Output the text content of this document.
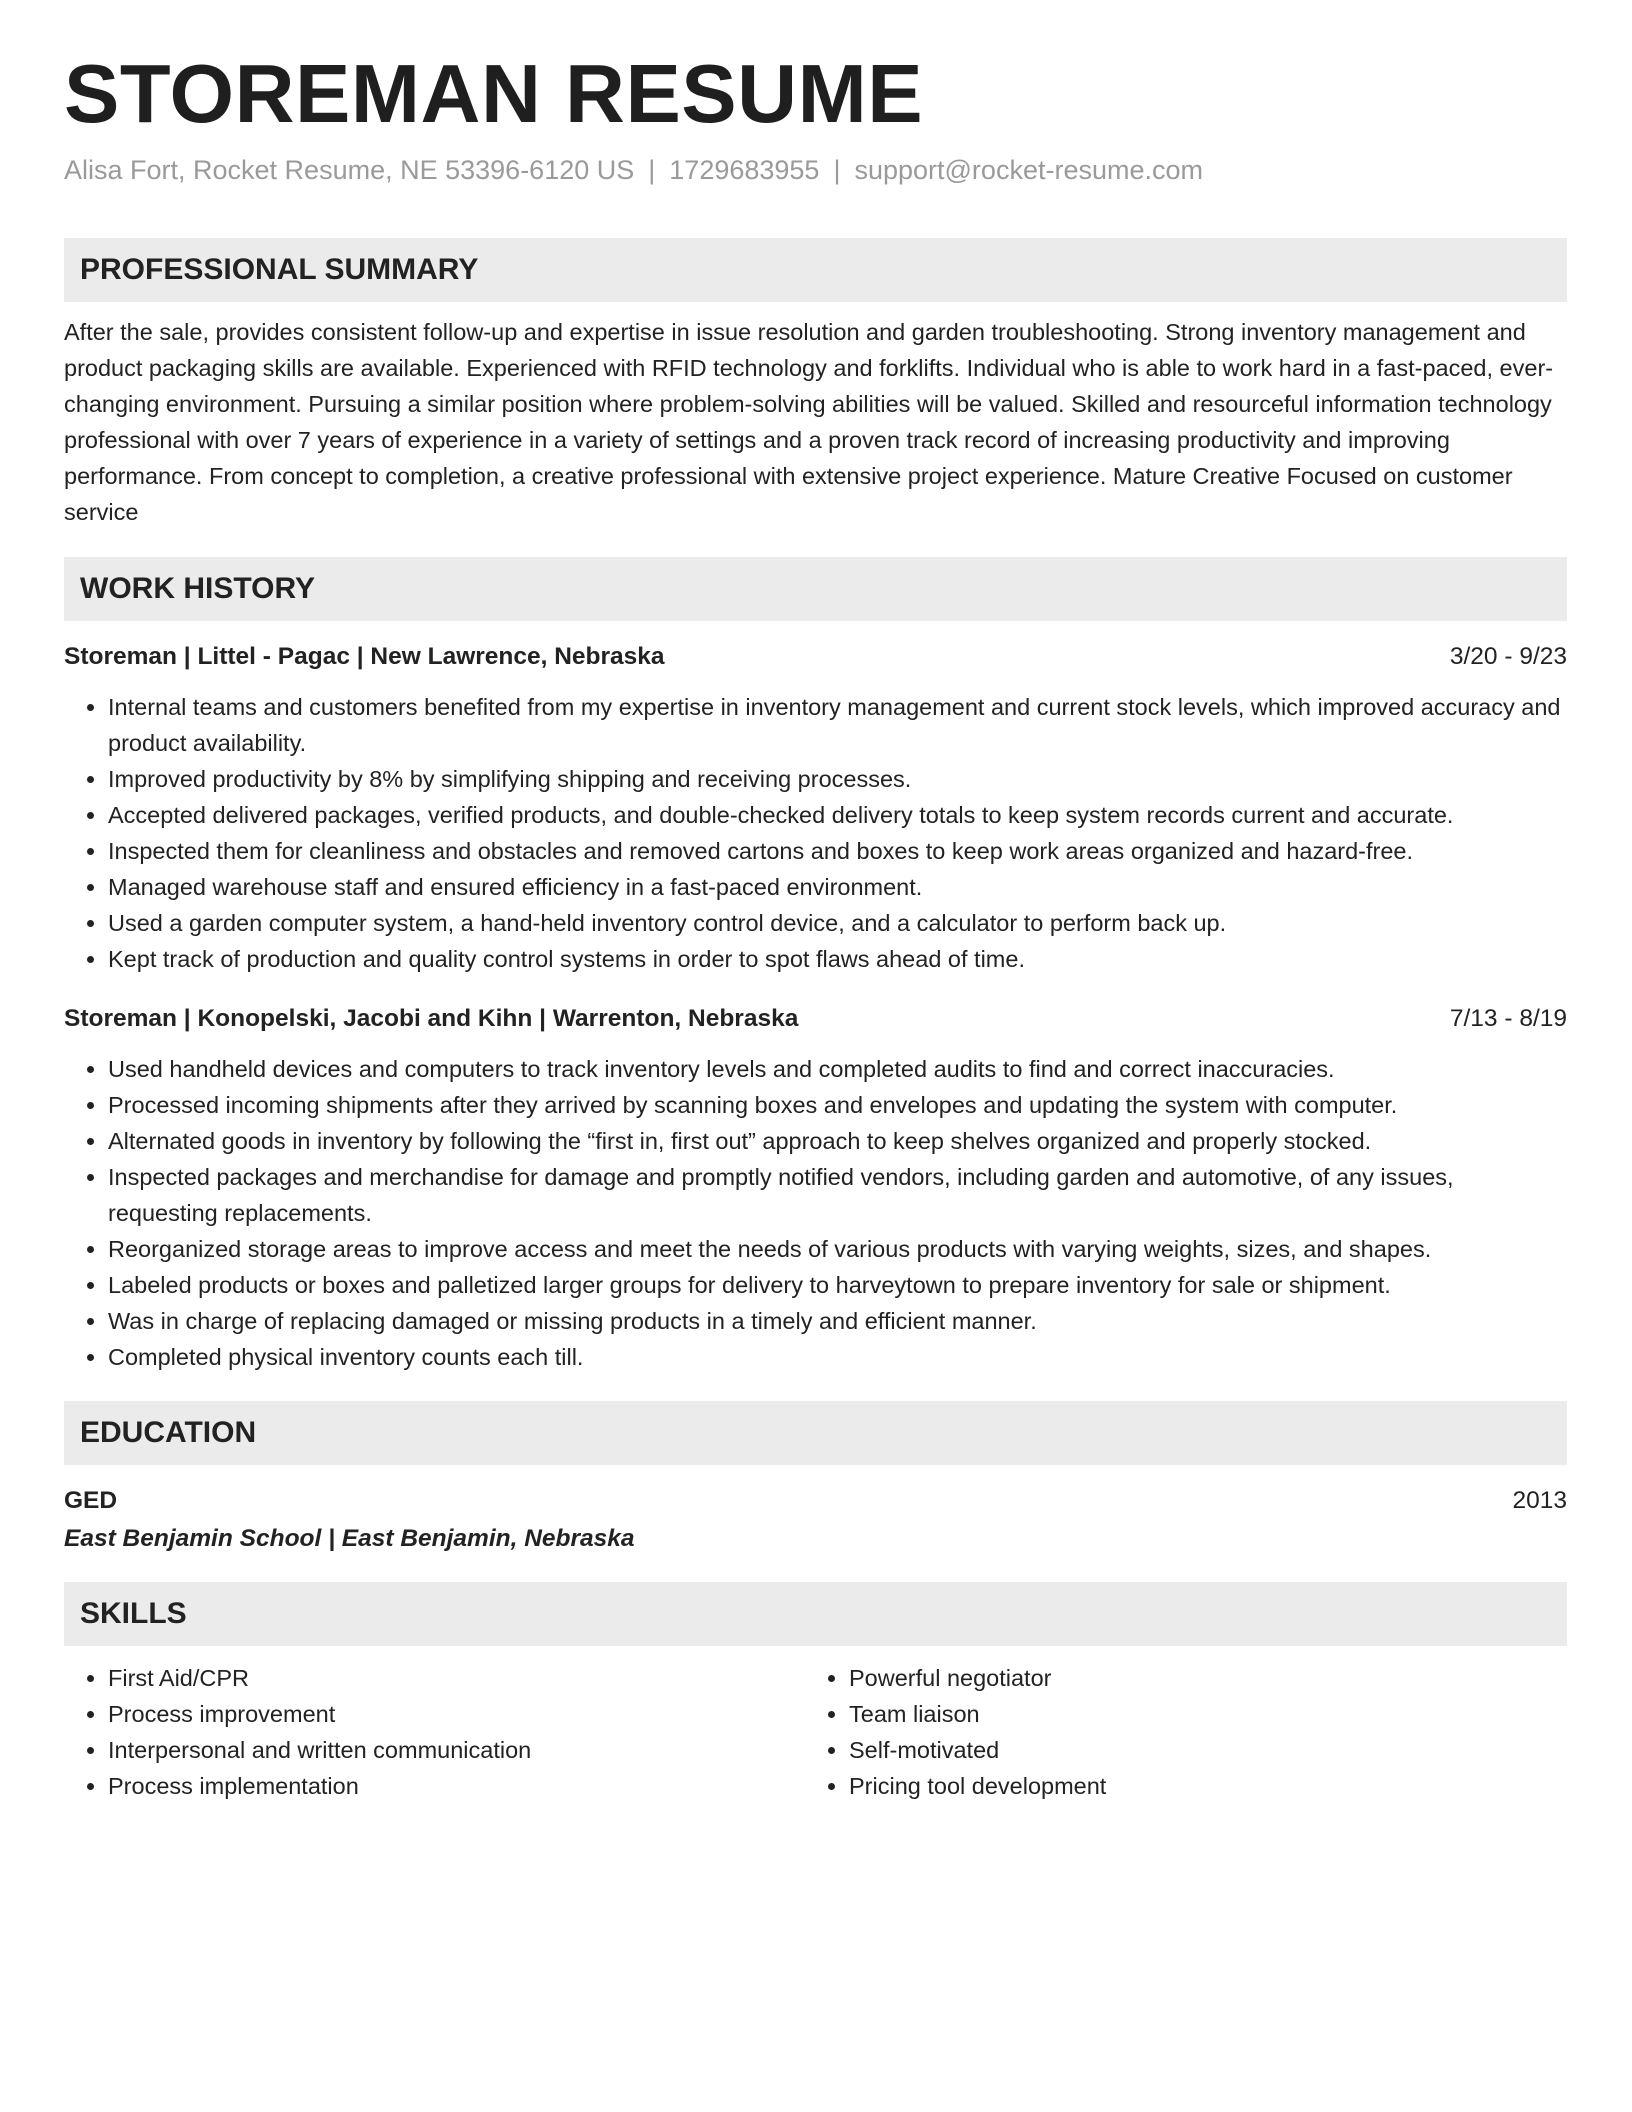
STOREMAN RESUME
Alisa Fort, Rocket Resume, NE 53396-6120 US | 1729683955 | support@rocket-resume.com
PROFESSIONAL SUMMARY
After the sale, provides consistent follow-up and expertise in issue resolution and garden troubleshooting. Strong inventory management and product packaging skills are available. Experienced with RFID technology and forklifts. Individual who is able to work hard in a fast-paced, ever-changing environment. Pursuing a similar position where problem-solving abilities will be valued. Skilled and resourceful information technology professional with over 7 years of experience in a variety of settings and a proven track record of increasing productivity and improving performance. From concept to completion, a creative professional with extensive project experience. Mature Creative Focused on customer service
WORK HISTORY
Storeman | Littel - Pagac | New Lawrence, Nebraska	3/20 - 9/23
• Internal teams and customers benefited from my expertise in inventory management and current stock levels, which improved accuracy and product availability.
• Improved productivity by 8% by simplifying shipping and receiving processes.
• Accepted delivered packages, verified products, and double-checked delivery totals to keep system records current and accurate.
• Inspected them for cleanliness and obstacles and removed cartons and boxes to keep work areas organized and hazard-free.
• Managed warehouse staff and ensured efficiency in a fast-paced environment.
• Used a garden computer system, a hand-held inventory control device, and a calculator to perform back up.
• Kept track of production and quality control systems in order to spot flaws ahead of time.
Storeman | Konopelski, Jacobi and Kihn | Warrenton, Nebraska	7/13 - 8/19
• Used handheld devices and computers to track inventory levels and completed audits to find and correct inaccuracies.
• Processed incoming shipments after they arrived by scanning boxes and envelopes and updating the system with computer.
• Alternated goods in inventory by following the “first in, first out” approach to keep shelves organized and properly stocked.
• Inspected packages and merchandise for damage and promptly notified vendors, including garden and automotive, of any issues, requesting replacements.
• Reorganized storage areas to improve access and meet the needs of various products with varying weights, sizes, and shapes.
• Labeled products or boxes and palletized larger groups for delivery to harveytown to prepare inventory for sale or shipment.
• Was in charge of replacing damaged or missing products in a timely and efficient manner.
• Completed physical inventory counts each till.
EDUCATION
GED	2013
East Benjamin School | East Benjamin, Nebraska
SKILLS
• First Aid/CPR
• Process improvement
• Interpersonal and written communication
• Process implementation
• Powerful negotiator
• Team liaison
• Self-motivated
• Pricing tool development
